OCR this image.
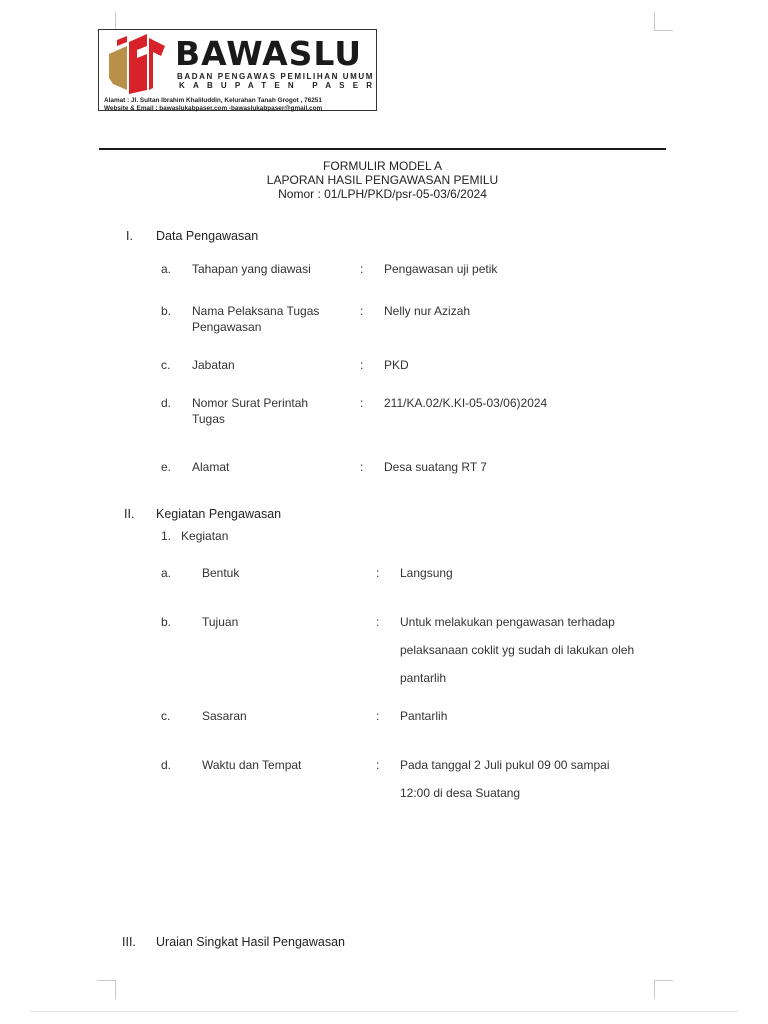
BAWASLU
BADAN PENGAWAS PEMILIHAN UMUM
KABUPATEN PASER
Alamat : Jl. Sultan Ibrahim Khaliluddin, Kelurahan Tanah Grogot , 76251
Website & Email : bawaslukabpaser.com -bawaslukabpaser@gmail.com
FORMULIR MODEL A
LAPORAN HASIL PENGAWASAN PEMILU
Nomor : 01/LPH/PKD/psr-05-03/6/2024
I. Data Pengawasan
a. Tahapan yang diawasi	: Pengawasan uji petik
b. Nama Pelaksana Tugas Pengawasan
: Nelly nur Azizah
c. Jabatan	: PKD
d. Nomor Surat Perintah Tugas
: 211/KA.02/K.KI-05-03/06)2024
e. Alamat	: Desa suatang RT 7
II. Kegiatan Pengawasan
1.   Kegiatan
a.	Bentuk	: Langsung
b.	Tujuan	: Untuk melakukan pengawasan terhadap
pelaksanaan coklit yg sudah di lakukan oleh
pantarlih
c.	Sasaran	: Pantarlih
d.	Waktu dan Tempat	: Pada tanggal 2 Juli pukul 09 00 sampai
12:00 di desa Suatang
III. Uraian Singkat Hasil Pengawasan
